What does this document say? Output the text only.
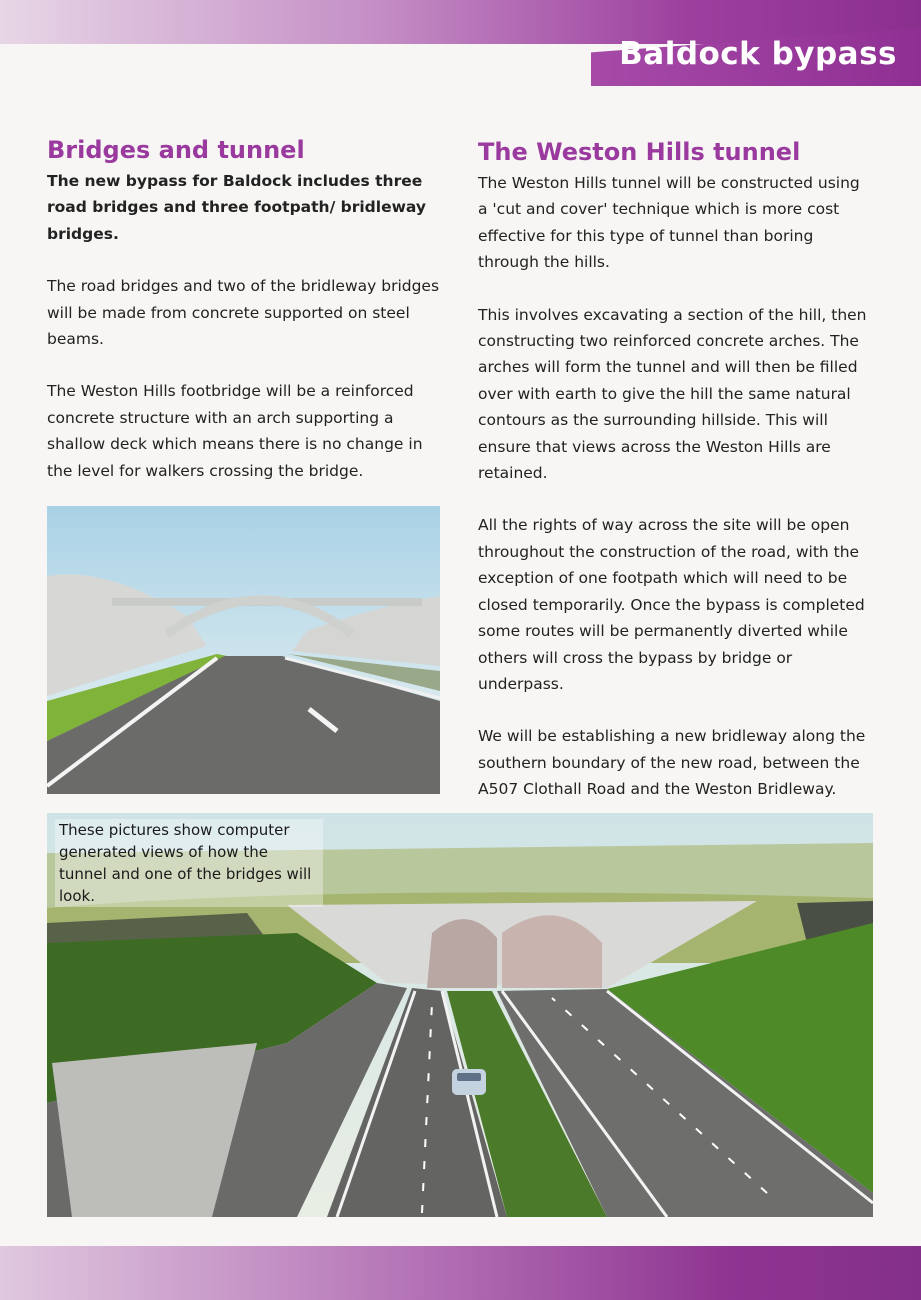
Baldock bypass
Bridges and tunnel

The new bypass for Baldock includes three road bridges and three footpath/ bridleway bridges.

The road bridges and two of the bridleway bridges will be made from concrete supported on steel beams.

The Weston Hills footbridge will be a reinforced concrete structure with an arch supporting a shallow deck which means there is no change in the level for walkers crossing the bridge.

The Weston Hills tunnel

The Weston Hills tunnel will be constructed using a 'cut and cover' technique which is more cost effective for this type of tunnel than boring through the hills.

This involves excavating a section of the hill, then constructing two reinforced concrete arches. The arches will form the tunnel and will then be filled over with earth to give the hill the same natural contours as the surrounding hillside. This will ensure that views across the Weston Hills are retained.

All the rights of way across the site will be open throughout the construction of the road, with the exception of one footpath which will need to be closed temporarily. Once the bypass is completed some routes will be permanently diverted while others will cross the bypass by bridge or underpass.

We will be establishing a new bridleway along the southern boundary of the new road, between the A507 Clothall Road and the Weston Bridleway.

These pictures show computer generated views of how the tunnel and one of the bridges will look.
